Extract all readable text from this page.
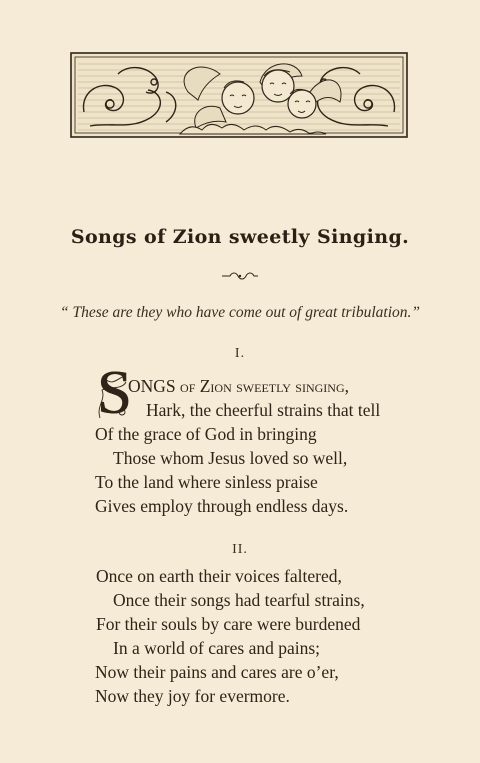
Songs of Zion sweetly Singing.
“ These are they who have come out of great tribulation.”
I.
S
ONGS of Zion sweetly singing,
Hark, the cheerful strains that tell
Of the grace of God in bringing
Those whom Jesus loved so well,
To the land where sinless praise
Gives employ through endless days.
II.
Once on earth their voices faltered,
Once their songs had tearful strains,
For their souls by care were burdened
In a world of cares and pains;
Now their pains and cares are o’er,
Now they joy for evermore.
